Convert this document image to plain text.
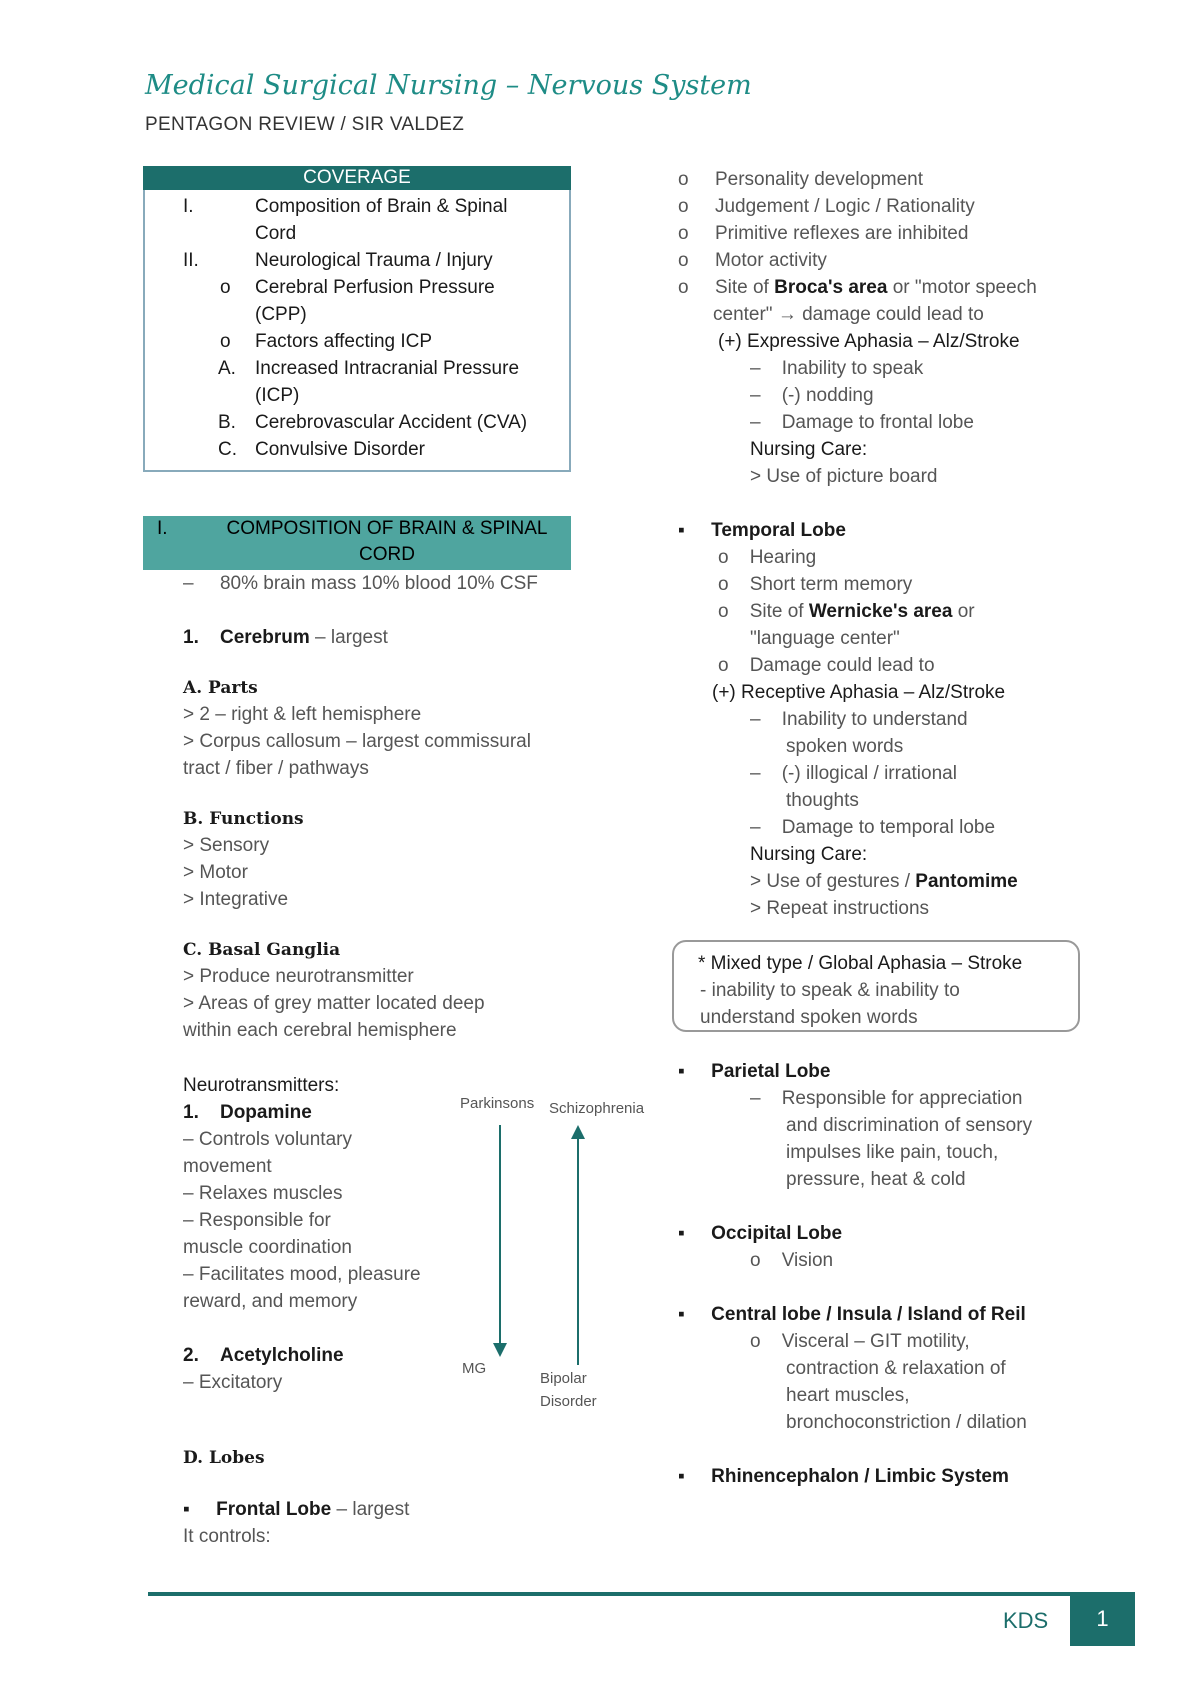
Medical Surgical Nursing – Nervous System
PENTAGON REVIEW / SIR VALDEZ
COVERAGE
I.	Composition of Brain & Spinal
Cord
II.	Neurological Trauma / Injury
o Cerebral Perfusion Pressure
(CPP)
o Factors affecting ICP
A. Increased Intracranial Pressure
(ICP)
B. Cerebrovascular Accident (CVA)
C. Convulsive Disorder
I.	COMPOSITION OF BRAIN & SPINAL
CORD
–     80% brain mass 10% blood 10% CSF
1. Cerebrum – largest
A. Parts
> 2 – right & left hemisphere
> Corpus callosum – largest commissural
tract / fiber / pathways
B. Functions
> Sensory
> Motor
> Integrative
C. Basal Ganglia
> Produce neurotransmitter
> Areas of grey matter located deep
within each cerebral hemisphere
Neurotransmitters:
1. Dopamine
– Controls voluntary
movement
– Relaxes muscles
– Responsible for
muscle coordination
– Facilitates mood, pleasure
reward, and memory
2. Acetylcholine
– Excitatory
Parkinsons Schizophrenia
MG
Bipolar
Disorder
D. Lobes
▪ Frontal Lobe – largest
It controls:
o     Personality development
o     Judgement / Logic / Rationality
o     Primitive reflexes are inhibited
o     Motor activity
o     Site of Broca's area or "motor speech
center" → damage could lead to
(+) Expressive Aphasia – Alz/Stroke
–    Inability to speak
–    (-) nodding
–    Damage to frontal lobe
Nursing Care:
> Use of picture board
▪ Temporal Lobe
o    Hearing
o    Short term memory
o    Site of Wernicke's area or
"language center"
o    Damage could lead to
(+) Receptive Aphasia – Alz/Stroke
–    Inability to understand
spoken words
–    (-) illogical / irrational
thoughts
–    Damage to temporal lobe
Nursing Care:
> Use of gestures / Pantomime
> Repeat instructions
* Mixed type / Global Aphasia – Stroke
- inability to speak & inability to
understand spoken words
▪ Parietal Lobe
–    Responsible for appreciation
and discrimination of sensory
impulses like pain, touch,
pressure, heat & cold
▪ Occipital Lobe
o    Vision
▪ Central lobe / Insula / Island of Reil
o    Visceral – GIT motility,
contraction & relaxation of
heart muscles,
bronchoconstriction / dilation
▪ Rhinencephalon / Limbic System
KDS	1
